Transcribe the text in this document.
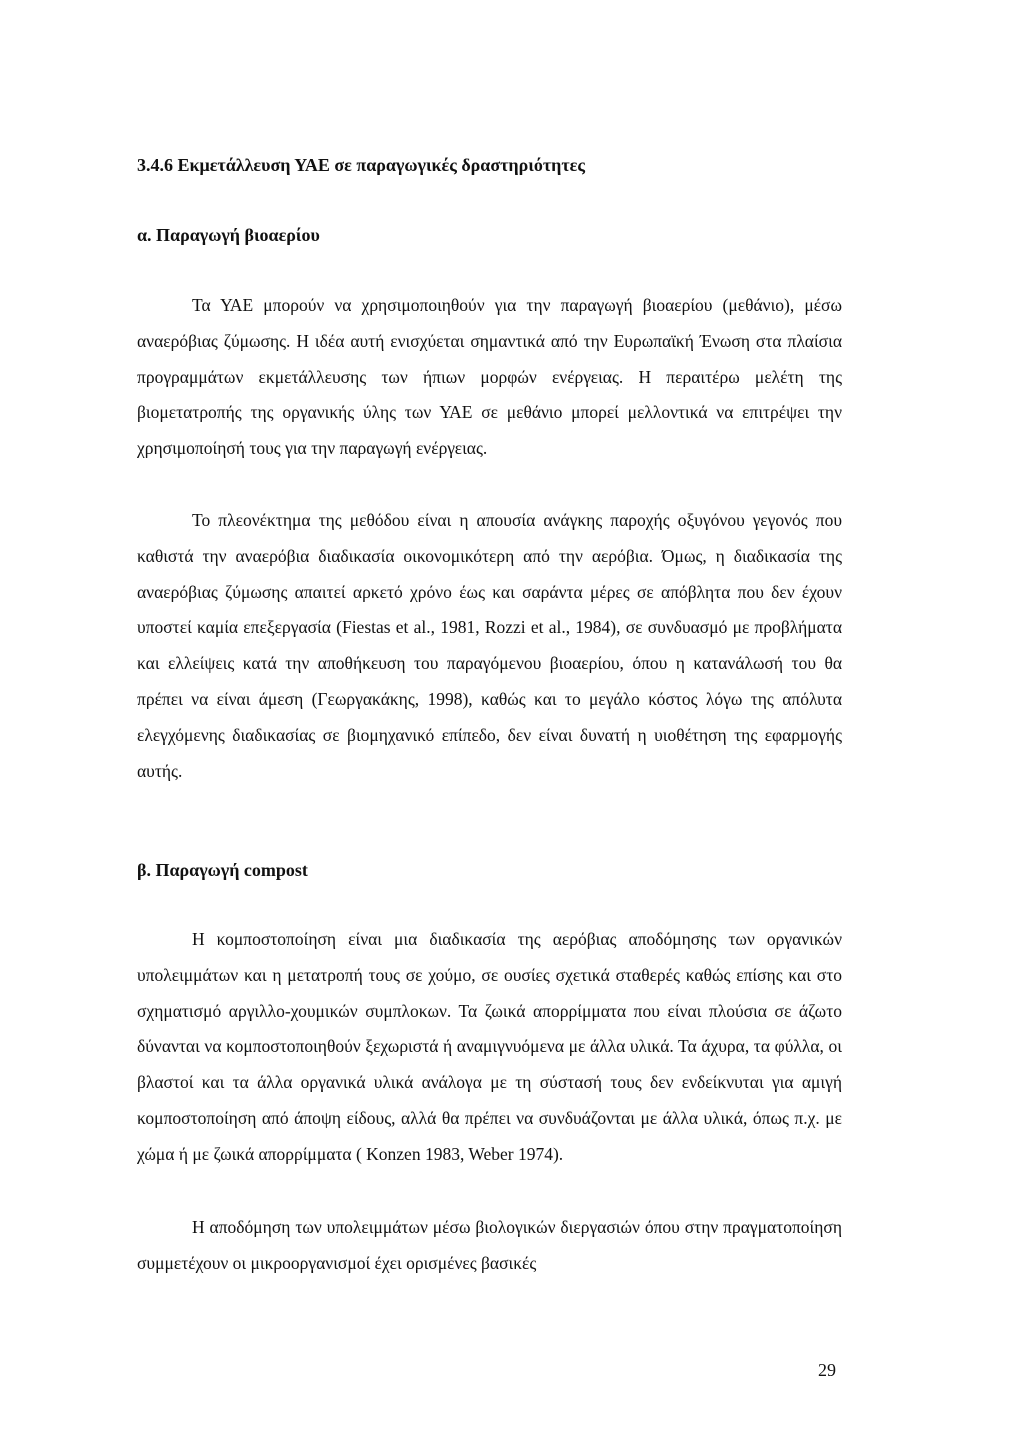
3.4.6 Εκμετάλλευση ΥΑΕ σε παραγωγικές δραστηριότητες
α. Παραγωγή βιοαερίου

Τα ΥΑΕ μπορούν να χρησιμοποιηθούν για την παραγωγή βιοαερίου (μεθάνιο), μέσω αναερόβιας ζύμωσης. Η ιδέα αυτή ενισχύεται σημαντικά από την Ευρωπαϊκή Ένωση στα πλαίσια προγραμμάτων εκμετάλλευσης των ήπιων μορφών ενέργειας. Η περαιτέρω μελέτη της βιομετατροπής της οργανικής ύλης των ΥΑΕ σε μεθάνιο μπορεί μελλοντικά να επιτρέψει την χρησιμοποίησή τους για την παραγωγή ενέργειας.

Το πλεονέκτημα της μεθόδου είναι η απουσία ανάγκης παροχής οξυγόνου γεγονός που καθιστά την αναερόβια διαδικασία οικονομικότερη από την αερόβια. Όμως, η διαδικασία της αναερόβιας ζύμωσης απαιτεί αρκετό χρόνο έως και σαράντα μέρες σε απόβλητα που δεν έχουν υποστεί καμία επεξεργασία (Fiestas et al., 1981, Rozzi et al., 1984), σε συνδυασμό με προβλήματα και ελλείψεις κατά την αποθήκευση του παραγόμενου βιοαερίου, όπου η κατανάλωσή του θα πρέπει να είναι άμεση (Γεωργακάκης, 1998), καθώς και το μεγάλο κόστος λόγω της απόλυτα ελεγχόμενης διαδικασίας σε βιομηχανικό επίπεδο, δεν είναι δυνατή η υιοθέτηση της εφαρμογής αυτής.

β. Παραγωγή compost

Η κομποστοποίηση είναι μια διαδικασία της αερόβιας αποδόμησης των οργανικών υπολειμμάτων και η μετατροπή τους σε χούμο, σε ουσίες σχετικά σταθερές καθώς επίσης και στο σχηματισμό αργιλλο-χουμικών συμπλοκων. Τα ζωικά απορρίμματα που είναι πλούσια σε άζωτο δύνανται να κομποστοποιηθούν ξεχωριστά ή αναμιγνυόμενα με άλλα υλικά. Τα άχυρα, τα φύλλα, οι βλαστοί και τα άλλα οργανικά υλικά ανάλογα με τη σύστασή τους δεν ενδείκνυται για αμιγή κομποστοποίηση από άποψη είδους, αλλά θα πρέπει να συνδυάζονται με άλλα υλικά, όπως π.χ. με χώμα ή με ζωικά απορρίμματα ( Konzen 1983, Weber 1974).

Η αποδόμηση των υπολειμμάτων μέσω βιολογικών διεργασιών όπου στην πραγματοποίηση συμμετέχουν οι μικροοργανισμοί έχει ορισμένες βασικές

29
